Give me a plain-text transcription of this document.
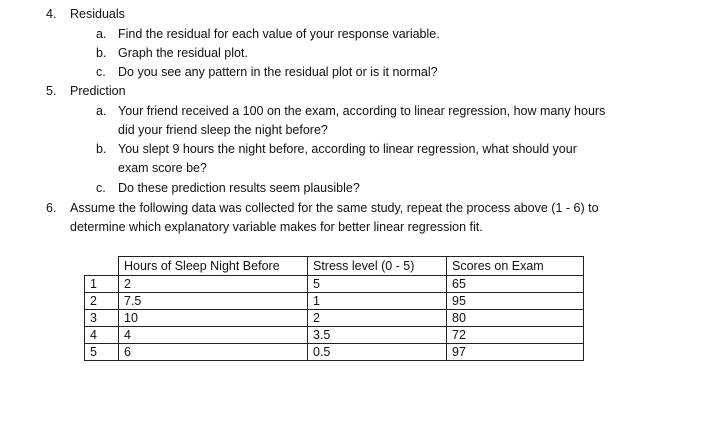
4. Residuals
a. Find the residual for each value of your response variable.
b. Graph the residual plot.
c. Do you see any pattern in the residual plot or is it normal?
5. Prediction
a. Your friend received a 100 on the exam, according to linear regression, how many hours
did your friend sleep the night before?
b. You slept 9 hours the night before, according to linear regression, what should your
exam score be?
c. Do these prediction results seem plausible?
6. Assume the following data was collected for the same study, repeat the process above (1 - 6) to
determine which explanatory variable makes for better linear regression fit.
	Hours of Sleep Night Before	Stress level (0 - 5)	Scores on Exam
1	2	5	65
2	7.5	1	95
3	10	2	80
4	4	3.5	72
5	6	0.5	97
